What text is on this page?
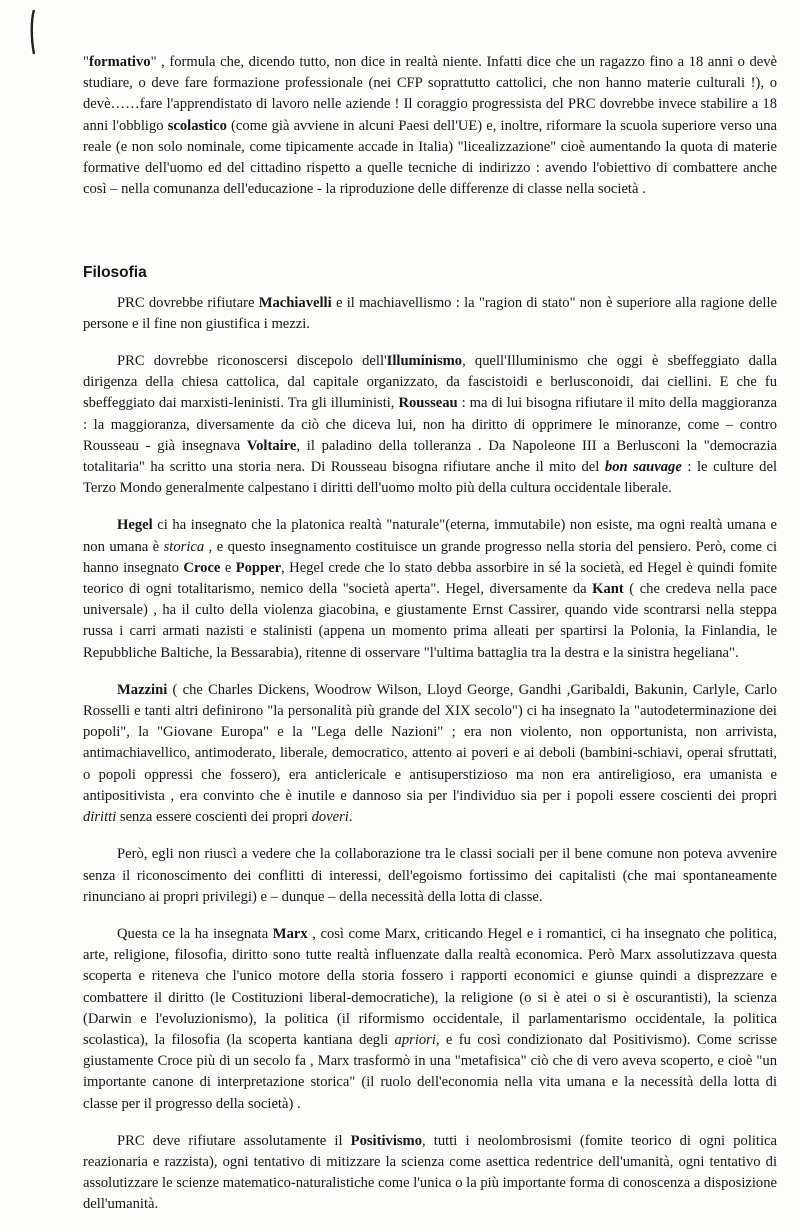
"formativo" , formula che, dicendo tutto, non dice in realtà niente. Infatti dice che un ragazzo fino a 18 anni o devè studiare, o deve fare formazione professionale (nei CFP soprattutto cattolici, che non hanno materie culturali !), o devè……fare l'apprendistato di lavoro nelle aziende ! Il coraggio progressista del PRC dovrebbe invece stabilire a 18 anni l'obbligo scolastico (come già avviene in alcuni Paesi dell'UE) e, inoltre, riformare la scuola superiore verso una reale (e non solo nominale, come tipicamente accade in Italia) "licealizzazione" cioè aumentando la quota di materie formative dell'uomo ed del cittadino rispetto a quelle tecniche di indirizzo : avendo l'obiettivo di combattere anche così – nella comunanza dell'educazione - la riproduzione delle differenze di classe nella società .

Filosofia

PRC dovrebbe rifiutare Machiavelli e il machiavellismo : la "ragion di stato" non è superiore alla ragione delle persone e il fine non giustifica i mezzi.

PRC dovrebbe riconoscersi discepolo dell'Illuminismo, quell'Illuminismo che oggi è sbeffeggiato dalla dirigenza della chiesa cattolica, dal capitale organizzato, da fascistoidi e berlusconoidi, dai ciellini. E che fu sbeffeggiato dai marxisti-leninisti. Tra gli illuministi, Rousseau : ma di lui bisogna rifiutare il mito della maggioranza : la maggioranza, diversamente da ciò che diceva lui, non ha diritto di opprimere le minoranze, come – contro Rousseau - già insegnava Voltaire, il paladino della tolleranza . Da Napoleone III a Berlusconi la "democrazia totalitaria" ha scritto una storia nera. Di Rousseau bisogna rifiutare anche il mito del bon sauvage : le culture del Terzo Mondo generalmente calpestano i diritti dell'uomo molto più della cultura occidentale liberale.

Hegel ci ha insegnato che la platonica realtà "naturale"(eterna, immutabile) non esiste, ma ogni realtà umana e non umana è storica , e questo insegnamento costituisce un grande progresso nella storia del pensiero. Però, come ci hanno insegnato Croce e Popper, Hegel crede che lo stato debba assorbire in sé la società, ed Hegel è quindi fomite teorico di ogni totalitarismo, nemico della "società aperta". Hegel, diversamente da Kant ( che credeva nella pace universale) , ha il culto della violenza giacobina, e giustamente Ernst Cassirer, quando vide scontrarsi nella steppa russa i carri armati nazisti e stalinisti (appena un momento prima alleati per spartirsi la Polonia, la Finlandia, le Repubbliche Baltiche, la Bessarabia), ritenne di osservare "l'ultima battaglia tra la destra e la sinistra hegeliana".

Mazzini ( che Charles Dickens, Woodrow Wilson, Lloyd George, Gandhi ,Garibaldi, Bakunin, Carlyle, Carlo Rosselli e tanti altri definirono "la personalità più grande del XIX secolo") ci ha insegnato la "autodeterminazione dei popoli", la "Giovane Europa" e la "Lega delle Nazioni" ; era non violento, non opportunista, non arrivista, antimachiavellico, antimoderato, liberale, democratico, attento ai poveri e ai deboli (bambini-schiavi, operai sfruttati, o popoli oppressi che fossero), era anticlericale e antisuperstizioso ma non era antireligioso, era umanista e antipositivista , era convinto che è inutile e dannoso sia per l'individuo sia per i popoli essere coscienti dei propri diritti senza essere coscienti dei propri doveri.

Però, egli non riuscì a vedere che la collaborazione tra le classi sociali per il bene comune non poteva avvenire senza il riconoscimento dei conflitti di interessi, dell'egoismo fortissimo dei capitalisti (che mai spontaneamente rinunciano ai propri privilegi) e – dunque – della necessità della lotta di classe.

Questa ce la ha insegnata Marx , così come Marx, criticando Hegel e i romantici, ci ha insegnato che politica, arte, religione, filosofia, diritto sono tutte realtà influenzate dalla realtà economica. Però Marx assolutizzava questa scoperta e riteneva che l'unico motore della storia fossero i rapporti economici e giunse quindi a disprezzare e combattere il diritto (le Costituzioni liberal-democratiche), la religione (o si è atei o si è oscurantisti), la scienza (Darwin e l'evoluzionismo), la politica (il riformismo occidentale, il parlamentarismo occidentale, la politica scolastica), la filosofia (la scoperta kantiana degli apriori, e fu così condizionato dal Positivismo). Come scrisse giustamente Croce più di un secolo fa , Marx trasformò in una "metafisica" ciò che di vero aveva scoperto, e cioè "un importante canone di interpretazione storica" (il ruolo dell'economia nella vita umana e la necessità della lotta di classe per il progresso della società) .

PRC deve rifiutare assolutamente il Positivismo, tutti i neolombrosismi (fomite teorico di ogni politica reazionaria e razzista), ogni tentativo di mitizzare la scienza come asettica redentrice dell'umanità, ogni tentativo di assolutizzare le scienze matematico-naturalistiche come l'unica o la più importante forma di conoscenza a disposizione dell'umanità.
